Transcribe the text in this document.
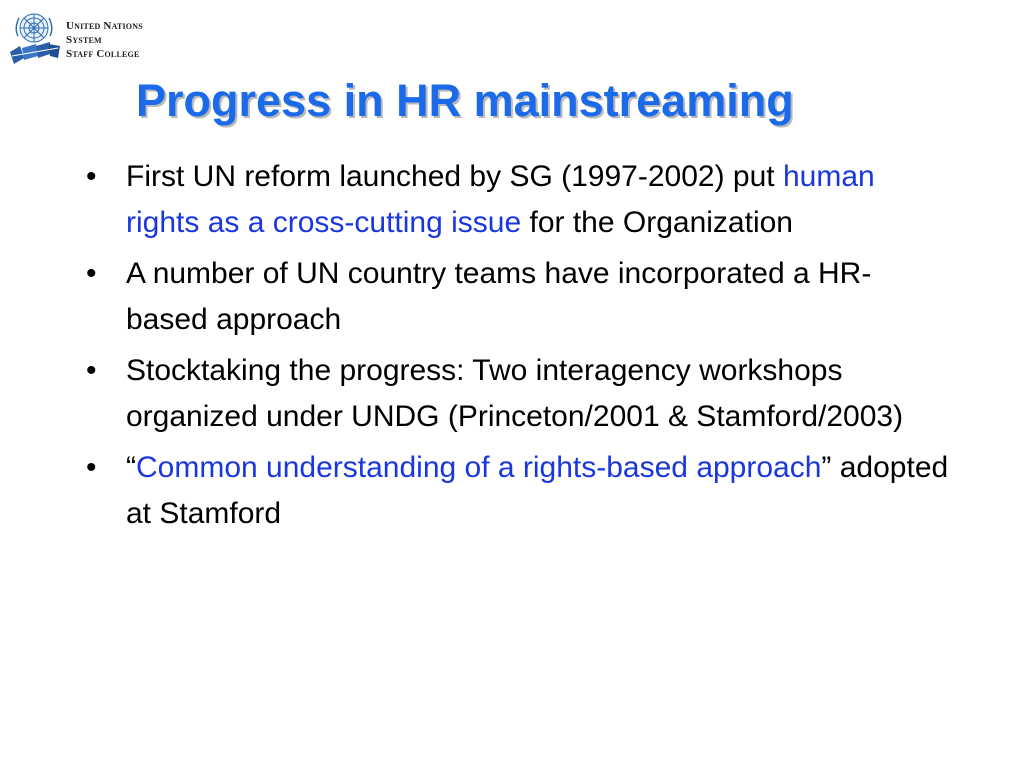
United Nations
System
Staff College
Progress in HR mainstreaming
• First UN reform launched by SG (1997-2002) put human rights as a cross-cutting issue for the Organization
• A number of UN country teams have incorporated a HR-based approach
• Stocktaking the progress: Two interagency workshops organized under UNDG (Princeton/2001 & Stamford/2003)
• “Common understanding of a rights-based approach” adopted at Stamford
